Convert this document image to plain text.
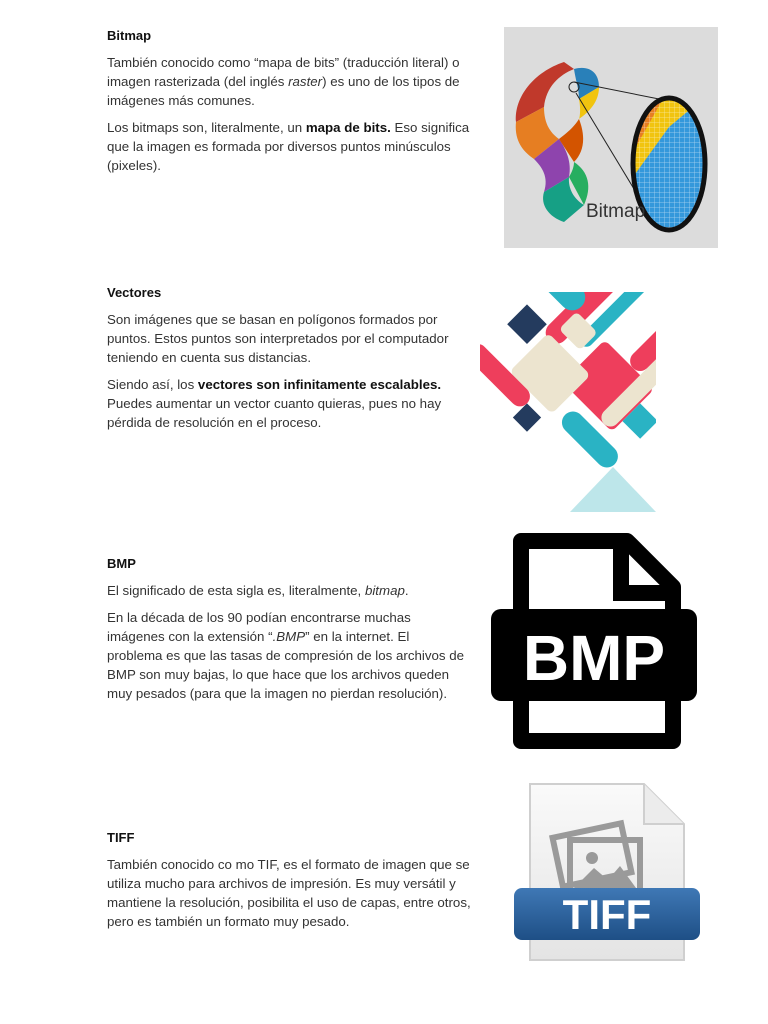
Bitmap

También conocido como “mapa de bits” (traducción literal) o imagen rasterizada (del inglés raster) es uno de los tipos de imágenes más comunes.

Los bitmaps son, literalmente, un mapa de bits. Eso significa que la imagen es formada por diversos puntos minúsculos (pixeles).

Bitmap
Vectores

Son imágenes que se basan en polígonos formados por puntos. Estos puntos son interpretados por el computador teniendo en cuenta sus distancias.

Siendo así, los vectores son infinitamente escalables. Puedes aumentar un vector cuanto quieras, pues no hay pérdida de resolución en el proceso.

BMP

El significado de esta sigla es, literalmente, bitmap.

En la década de los 90 podían encontrarse muchas imágenes con la extensión “.BMP” en la internet. El problema es que las tasas de compresión de los archivos de BMP son muy bajas, lo que hace que los archivos queden muy pesados (para que la imagen no pierdan resolución).	BMP
TIFF

También conocido co mo TIF, es el formato de imagen que se utiliza mucho para archivos de impresión. Es muy versátil y mantiene la resolución, posibilita el uso de capas, entre otros, pero es también un formato muy pesado.	TIFF
